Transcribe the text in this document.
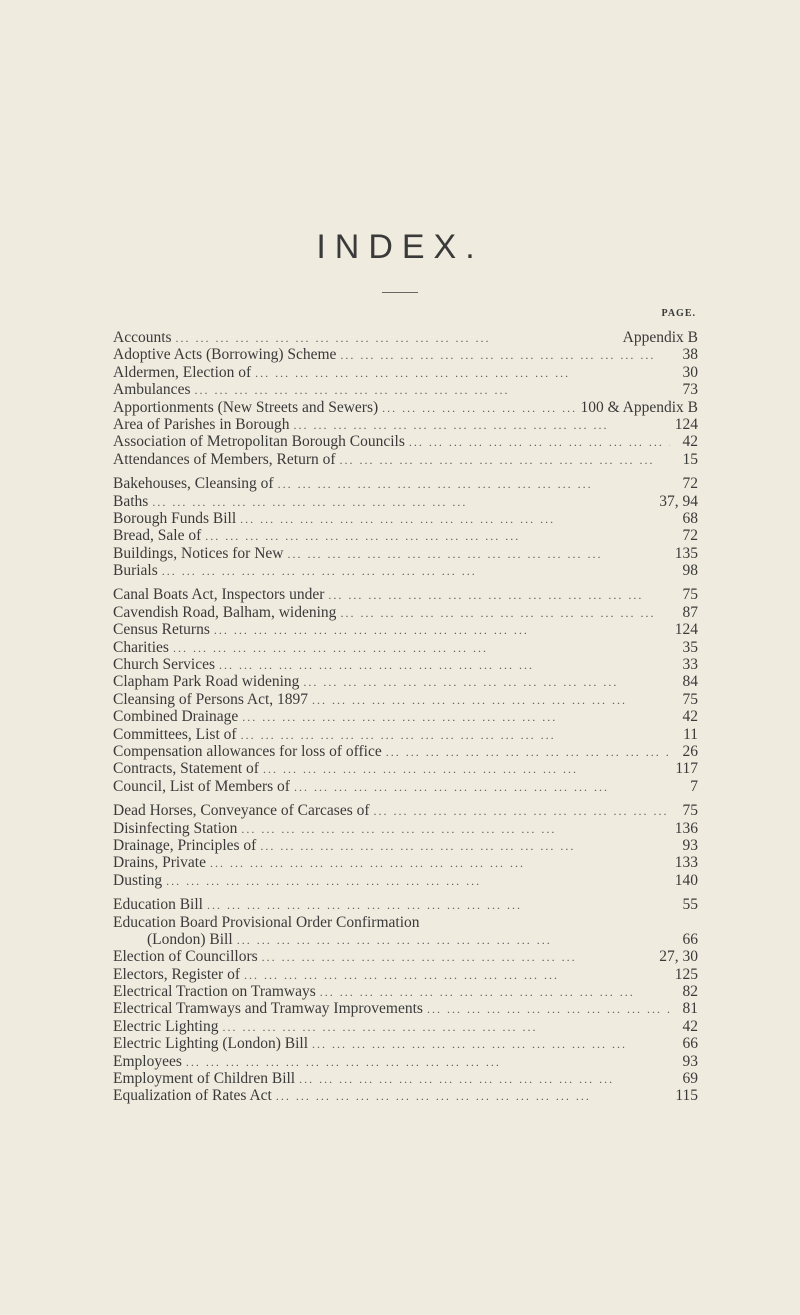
INDEX.
PAGE.
Accounts ...	Appendix B
Adoptive Acts (Borrowing) Scheme ...	38
Aldermen, Election of ...	30
Ambulances ...	73
Apportionments (New Streets and Sewers) ...	100 & Appendix B
Area of Parishes in Borough ...	124
Association of Metropolitan Borough Councils ...	42
Attendances of Members, Return of ...	15
Bakehouses, Cleansing of ...	72
Baths ...	37, 94
Borough Funds Bill ...	68
Bread, Sale of ...	72
Buildings, Notices for New ...	135
Burials ...	98
Canal Boats Act, Inspectors under ...	75
Cavendish Road, Balham, widening ...	87
Census Returns ...	124
Charities ...	35
Church Services ...	33
Clapham Park Road widening ...	84
Cleansing of Persons Act, 1897 ...	75
Combined Drainage ...	42
Committees, List of ...	11
Compensation allowances for loss of office ...	26
Contracts, Statement of ...	117
Council, List of Members of ...	7
Dead Horses, Conveyance of Carcases of ...	75
Disinfecting Station ...	136
Drainage, Principles of ...	93
Drains, Private ...	133
Dusting ...	140
Education Bill ...	55
Education Board Provisional Order Confirmation
(London) Bill ...	66
Election of Councillors ...	27, 30
Electors, Register of ...	125
Electrical Traction on Tramways ...	82
Electrical Tramways and Tramway Improvements ...	81
Electric Lighting ...	42
Electric Lighting (London) Bill ...	66
Employees ...	93
Employment of Children Bill ...	69
Equalization of Rates Act ...	115
